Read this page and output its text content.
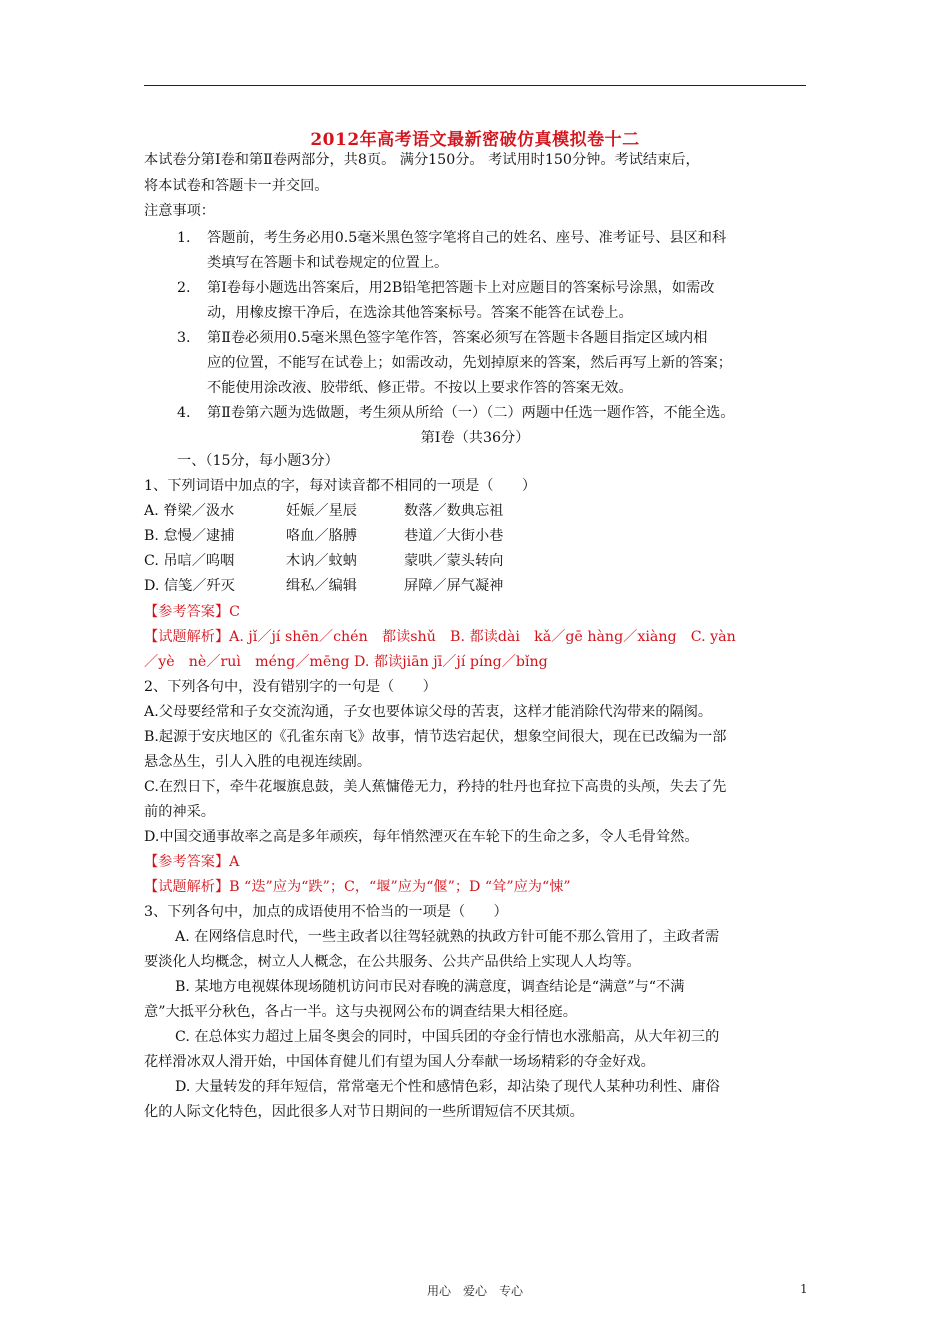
2012年高考语文最新密破仿真模拟卷十二
本试卷分第Ⅰ卷和第Ⅱ卷两部分，共8页。 满分150分。 考试用时150分钟。考试结束后，
将本试卷和答题卡一并交回。
注意事项：
1. 答题前，考生务必用0.5毫米黑色签字笔将自己的姓名、座号、准考证号、县区和科
类填写在答题卡和试卷规定的位置上。
2. 第Ⅰ卷每小题选出答案后，用2B铅笔把答题卡上对应题目的答案标号涂黑，如需改
动，用橡皮擦干净后，在选涂其他答案标号。答案不能答在试卷上。
3. 第Ⅱ卷必须用0.5毫米黑色签字笔作答，答案必须写在答题卡各题目指定区域内相
应的位置，不能写在试卷上；如需改动，先划掉原来的答案，然后再写上新的答案；
不能使用涂改液、胶带纸、修正带。不按以上要求作答的答案无效。
4. 第Ⅱ卷第六题为选做题，考生须从所给（一）（二）两题中任选一题作答，不能全选。
第Ⅰ卷（共36分）
一、（15分，每小题3分）
1、下列词语中加点的字，每对读音都不相同的一项是（　　）
A. 脊梁／汲水	妊娠／星辰	数落／数典忘祖
B. 怠慢／逮捕	咯血／胳膊	巷道／大街小巷
C. 吊唁／呜咽	木讷／蚊蚋	蒙哄／蒙头转向
D. 信笺／歼灭	缉私／编辑	屏障／屏气凝神
【参考答案】C
【试题解析】A. jǐ／jí shēn／chén　都读shǔ　B. 都读dài　kǎ／gē hàng／xiàng　C. yàn
／yè　nè／ruì　méng／mēng D. 都读jiān jī／jí píng／bǐng
2、下列各句中，没有错别字的一句是（　　）
A.父母要经常和子女交流沟通，子女也要体谅父母的苦衷，这样才能消除代沟带来的隔阂。
B.起源于安庆地区的《孔雀东南飞》故事，情节迭宕起伏，想象空间很大，现在已改编为一部
悬念丛生，引人入胜的电视连续剧。
C.在烈日下，牵牛花堰旗息鼓，美人蕉慵倦无力，矜持的牡丹也耷拉下高贵的头颅，失去了先
前的神采。
D.中国交通事故率之高是多年顽疾，每年悄然湮灭在车轮下的生命之多，令人毛骨耸然。
【参考答案】A
【试题解析】B “迭”应为“跌”；C，“堰”应为“偃”；D “耸”应为“悚”
3、下列各句中，加点的成语使用不恰当的一项是（　　）
A. 在网络信息时代，一些主政者以往驾轻就熟的执政方针可能不那么管用了，主政者需
要淡化人均概念，树立人人概念，在公共服务、公共产品供给上实现人人均等。
B. 某地方电视媒体现场随机访问市民对春晚的满意度，调查结论是“满意”与“不满
意”大抵平分秋色，各占一半。这与央视网公布的调查结果大相径庭。
C. 在总体实力超过上届冬奥会的同时，中国兵团的夺金行情也水涨船高，从大年初三的
花样滑冰双人滑开始，中国体育健儿们有望为国人分奉献一场场精彩的夺金好戏。
D. 大量转发的拜年短信，常常毫无个性和感情色彩，却沾染了现代人某种功利性、庸俗
化的人际文化特色，因此很多人对节日期间的一些所谓短信不厌其烦。
用心　爱心　专心	1
